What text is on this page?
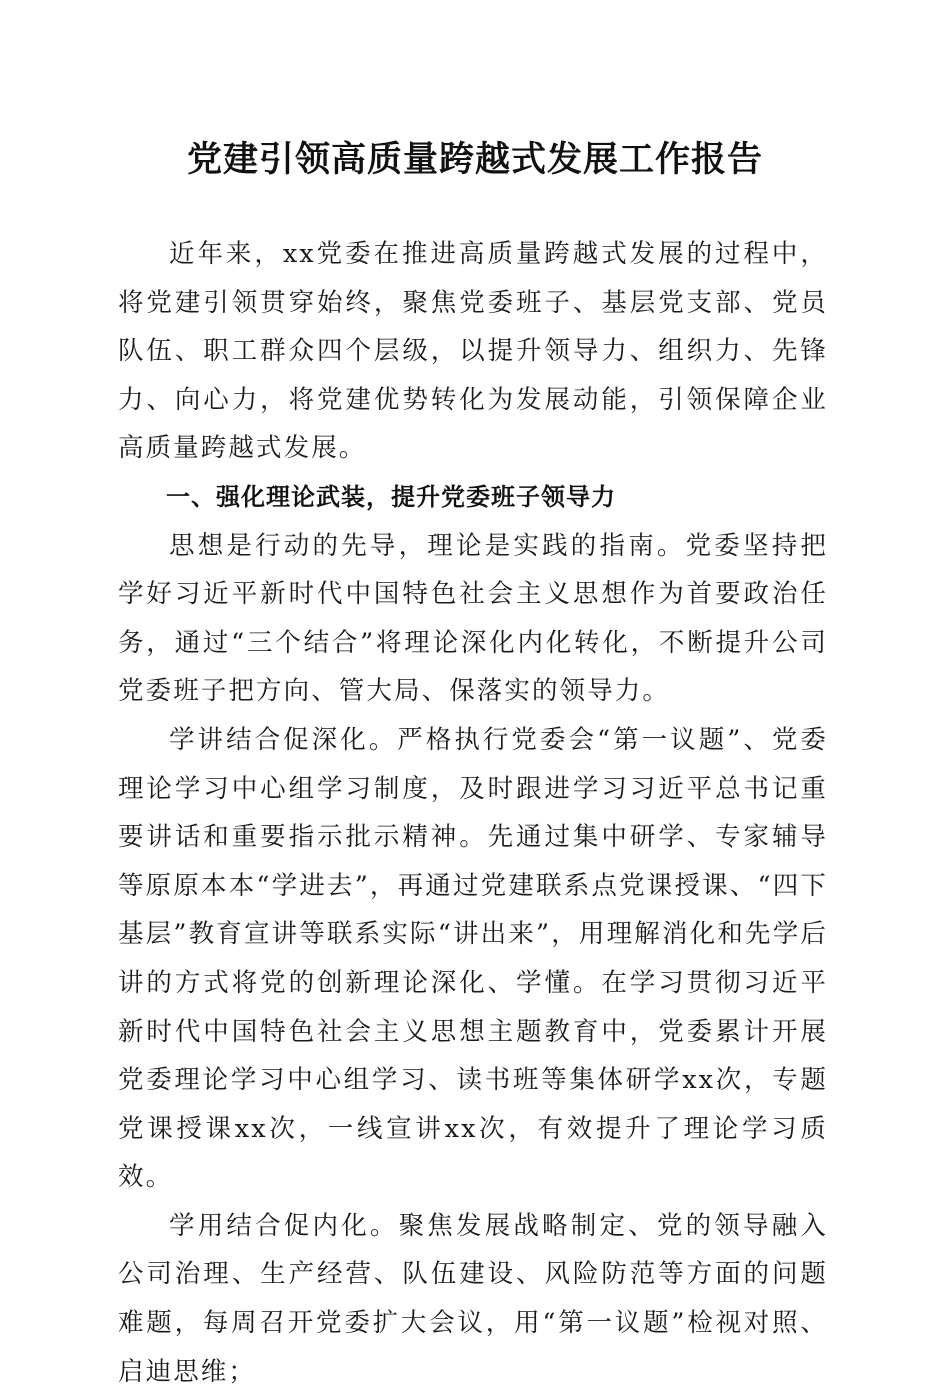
党建引领高质量跨越式发展工作报告

近年来，xx党委在推进高质量跨越式发展的过程中，将党建引领贯穿始终，聚焦党委班子、基层党支部、党员队伍、职工群众四个层级，以提升领导力、组织力、先锋力、向心力，将党建优势转化为发展动能，引领保障企业高质量跨越式发展。

一、强化理论武装，提升党委班子领导力

思想是行动的先导，理论是实践的指南。党委坚持把学好习近平新时代中国特色社会主义思想作为首要政治任务，通过“三个结合”将理论深化内化转化，不断提升公司党委班子把方向、管大局、保落实的领导力。

学讲结合促深化。严格执行党委会“第一议题”、党委理论学习中心组学习制度，及时跟进学习习近平总书记重要讲话和重要指示批示精神。先通过集中研学、专家辅导等原原本本“学进去”，再通过党建联系点党课授课、“四下基层”教育宣讲等联系实际“讲出来”，用理解消化和先学后讲的方式将党的创新理论深化、学懂。在学习贯彻习近平新时代中国特色社会主义思想主题教育中，党委累计开展党委理论学习中心组学习、读书班等集体研学xx次，专题党课授课xx次，一线宣讲xx次，有效提升了理论学习质效。

学用结合促内化。聚焦发展战略制定、党的领导融入公司治理、生产经营、队伍建设、风险防范等方面的问题难题，每周召开党委扩大会议，用“第一议题”检视对照、启迪思维；
